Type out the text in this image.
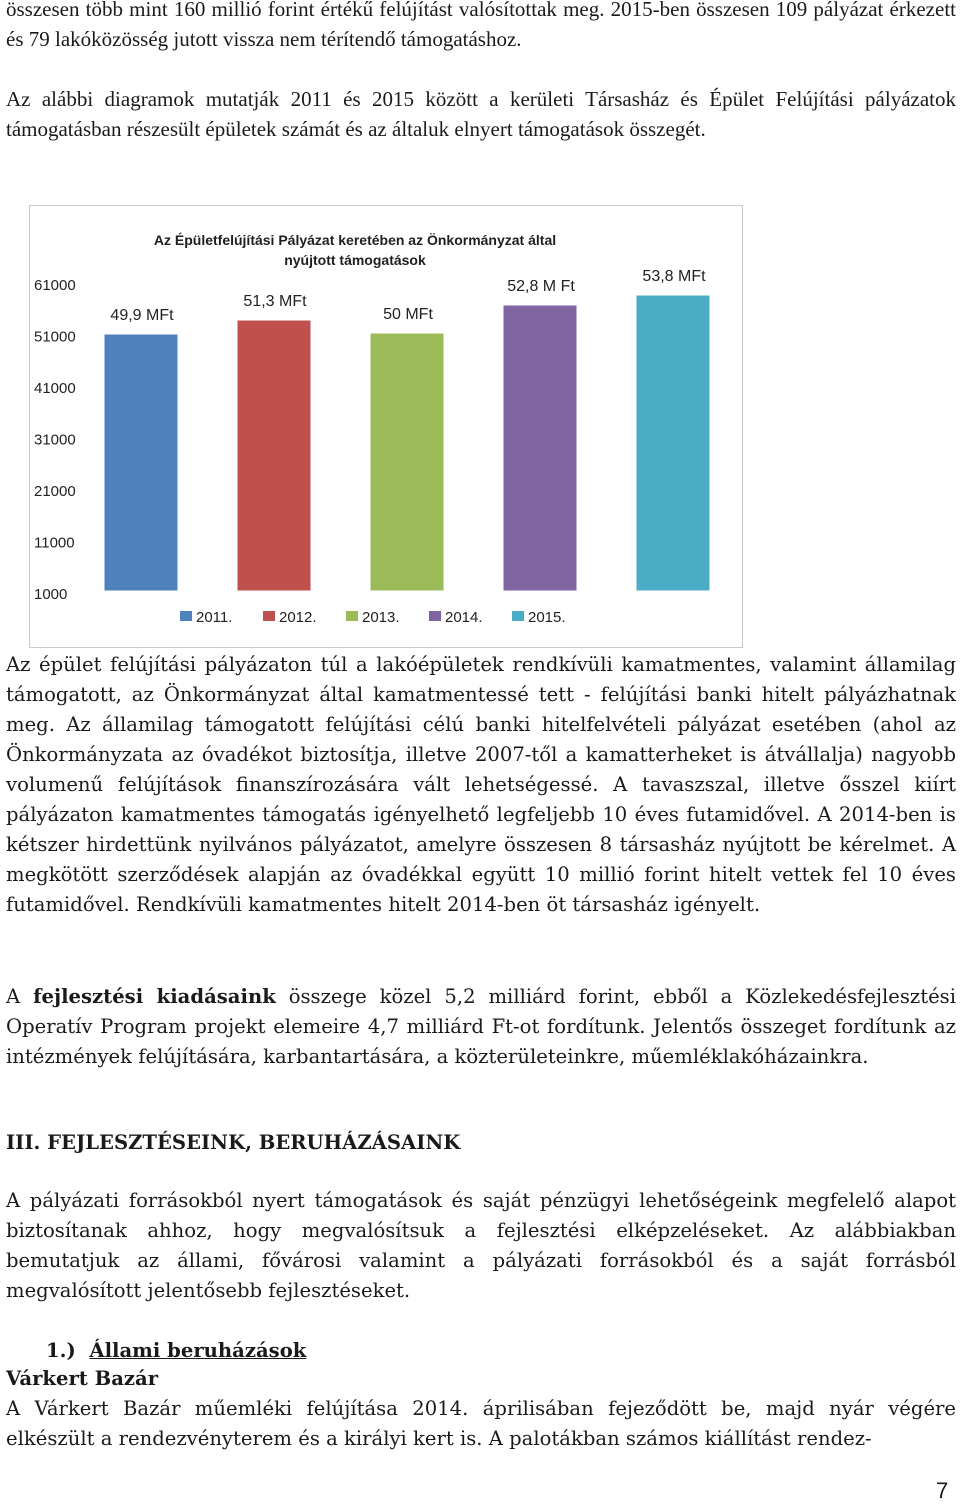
összesen több mint 160 millió forint értékű felújítást valósítottak meg. 2015-ben összesen 109 pályázat érkezett és 79 lakóközösség jutott vissza nem térítendő támogatáshoz.

Az alábbi diagramok mutatják 2011 és 2015 között a kerületi Társasház és Épület Felújítási pályázatok támogatásban részesült épületek számát és az általuk elnyert támogatások összegét.

Az Épületfelújítási Pályázat keretében az Önkormányzat által
nyújtott támogatások
61000
51000
41000
31000
21000
11000
1000
49,9 MFt
51,3 MFt
50 MFt
52,8 M Ft
53,8 MFt
2011.	2012.	2013.	2014.	2015.

Az épület felújítási pályázaton túl a lakóépületek rendkívüli kamatmentes, valamint államilag támogatott, az Önkormányzat által kamatmentessé tett - felújítási banki hitelt pályázhatnak meg. Az államilag támogatott felújítási célú banki hitelfelvételi pályázat esetében (ahol az Önkormányzata az óvadékot biztosítja, illetve 2007-től a kamatterheket is átvállalja) nagyobb volumenű felújítások finanszírozására vált lehetségessé. A tavaszszal, illetve ősszel kiírt pályázaton kamatmentes támogatás igényelhető legfeljebb 10 éves futamidővel. A 2014-ben is kétszer hirdettünk nyilvános pályázatot, amelyre összesen 8 társasház nyújtott be kérelmet. A megkötött szerződések alapján az óvadékkal együtt 10 millió forint hitelt vettek fel 10 éves futamidővel. Rendkívüli kamatmentes hitelt 2014-ben öt társasház igényelt.

A fejlesztési kiadásaink összege közel 5,2 milliárd forint, ebből a Közlekedésfejlesztési Operatív Program projekt elemeire 4,7 milliárd Ft-ot fordítunk. Jelentős összeget fordítunk az intézmények felújítására, karbantartására, a közterületeinkre, műemléklakóházainkra.

III. FEJLESZTÉSEINK, BERUHÁZÁSAINK

A pályázati forrásokból nyert támogatások és saját pénzügyi lehetőségeink megfelelő alapot biztosítanak ahhoz, hogy megvalósítsuk a fejlesztési elképzeléseket. Az alábbiakban bemutatjuk az állami, fővárosi valamint a pályázati forrásokból és a saját forrásból megvalósított jelentősebb fejlesztéseket.

1.) Állami beruházások
Várkert Bazár

A Várkert Bazár műemléki felújítása 2014. áprilisában fejeződött be, majd nyár végére elkészült a rendezvényterem és a királyi kert is. A palotákban számos kiállítást rendez-

7
